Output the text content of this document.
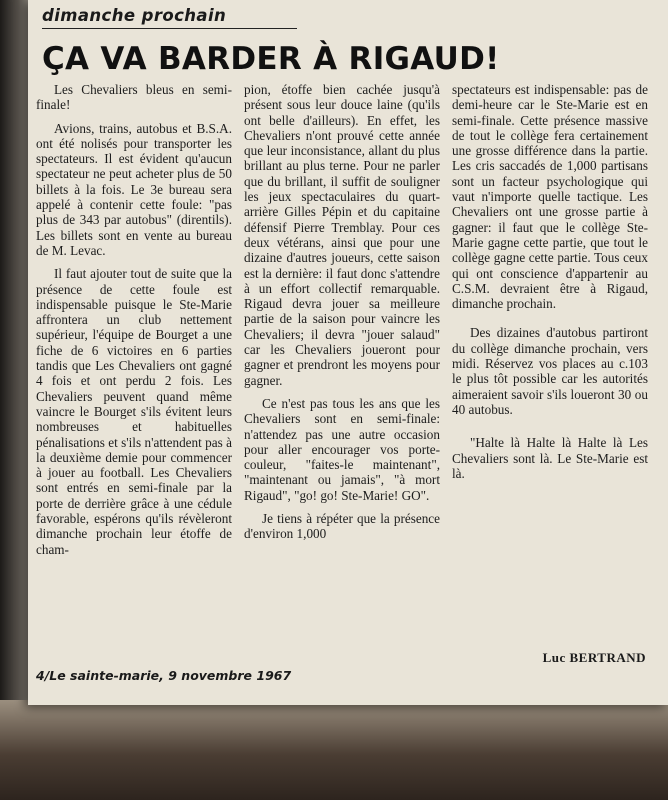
dimanche prochain
ÇA VA BARDER À RIGAUD!

Les Chevaliers bleus en semi-finale!

Avions, trains, autobus et B.S.A. ont été nolisés pour transporter les spectateurs. Il est évident qu'aucun spectateur ne peut acheter plus de 50 billets à la fois. Le 3e bureau sera appelé à contenir cette foule: "pas plus de 343 par autobus" (direntils). Les billets sont en vente au bureau de M. Levac.

Il faut ajouter tout de suite que la présence de cette foule est indispensable puisque le Ste-Marie affrontera un club nettement supérieur, l'équipe de Bourget a une fiche de 6 victoires en 6 parties tandis que Les Chevaliers ont gagné 4 fois et ont perdu 2 fois. Les Chevaliers peuvent quand même vaincre le Bourget s'ils évitent leurs nombreuses et habituelles pénalisations et s'ils n'attendent pas à la deuxième demie pour commencer à jouer au football. Les Chevaliers sont entrés en semi-finale par la porte de derrière grâce à une cédule favorable, espérons qu'ils révèleront dimanche prochain leur étoffe de cham-

pion, étoffe bien cachée jusqu'à présent sous leur douce laine (qu'ils ont belle d'ailleurs). En effet, les Chevaliers n'ont prouvé cette année que leur inconsistance, allant du plus brillant au plus terne. Pour ne parler que du brillant, il suffit de souligner les jeux spectaculaires du quart-arrière Gilles Pépin et du capitaine défensif Pierre Tremblay. Pour ces deux vétérans, ainsi que pour une dizaine d'autres joueurs, cette saison est la dernière: il faut donc s'attendre à un effort collectif remarquable. Rigaud devra jouer sa meilleure partie de la saison pour vaincre les Chevaliers; il devra "jouer salaud" car les Chevaliers joueront pour gagner et prendront les moyens pour gagner.

Ce n'est pas tous les ans que les Chevaliers sont en semi-finale: n'attendez pas une autre occasion pour aller encourager vos porte-couleur, "faites-le maintenant", "maintenant ou jamais", "à mort Rigaud", "go! go! Ste-Marie! GO".

Je tiens à répéter que la présence d'environ 1,000

spectateurs est indispensable: pas de demi-heure car le Ste-Marie est en semi-finale. Cette présence massive de tout le collège fera certainement une grosse différence dans la partie. Les cris saccadés de 1,000 partisans sont un facteur psychologique qui vaut n'importe quelle tactique. Les Chevaliers ont une grosse partie à gagner: il faut que le collège Ste-Marie gagne cette partie, que tout le collège gagne cette partie. Tous ceux qui ont conscience d'appartenir au C.S.M. devraient être à Rigaud, dimanche prochain.

Des dizaines d'autobus partiront du collège dimanche prochain, vers midi. Réservez vos places au c.103 le plus tôt possible car les autorités aimeraient savoir s'ils loueront 30 ou 40 autobus.

"Halte là Halte là Halte là Les Chevaliers sont là. Le Ste-Marie est là.

Luc BERTRAND
4/Le sainte-marie, 9 novembre 1967
